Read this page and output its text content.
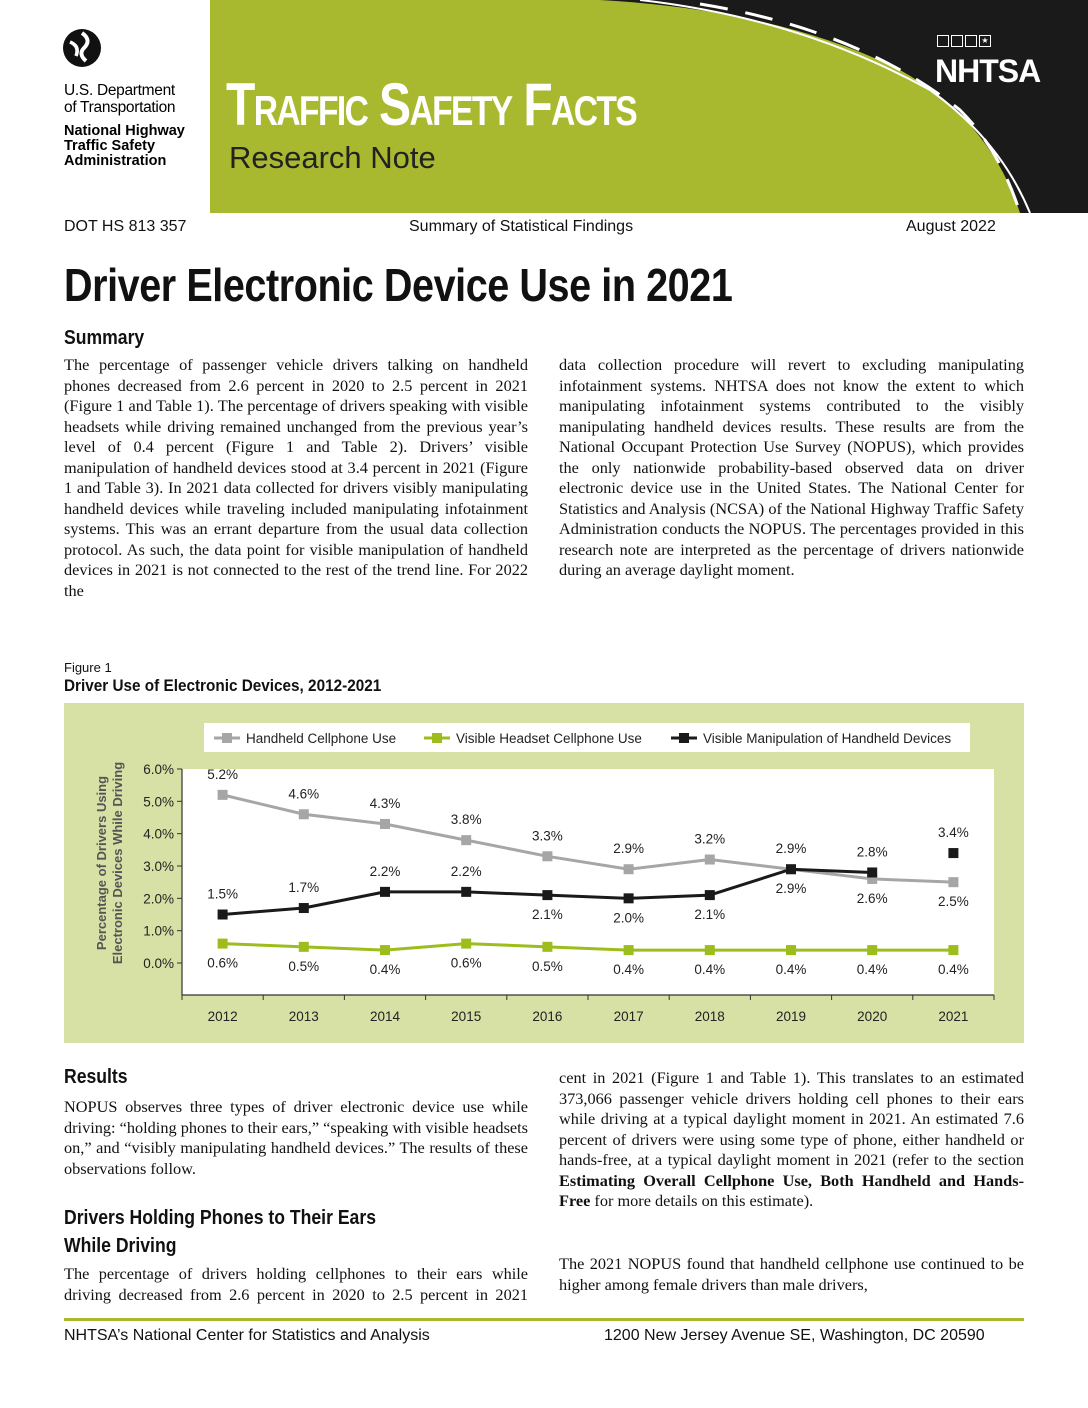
U.S. Department
of Transportation
National Highway
Traffic Safety
Administration
Traffic Safety Facts
Research Note
★
NHTSA
DOT HS 813 357	Summary of Statistical Findings	August 2022
Driver Electronic Device Use in 2021
Summary

The percentage of passenger vehicle drivers talking on handheld phones decreased from 2.6 percent in 2020 to 2.5 percent in 2021 (Figure 1 and Table 1). The percentage of drivers speaking with visible headsets while driving remained unchanged from the previous year’s level of 0.4 percent (Figure 1 and Table 2). Drivers’ visible manipulation of handheld devices stood at 3.4 percent in 2021 (Figure 1 and Table 3). In 2021 data collected for drivers visibly manipulating handheld devices while traveling included manipulating infotainment systems. This was an errant departure from the usual data collection protocol. As such, the data point for visible manipulation of handheld devices in 2021 is not connected to the rest of the trend line. For 2022 the

data collection procedure will revert to excluding manipulating infotainment systems. NHTSA does not know the extent to which manipulating infotainment systems contributed to the visibly manipulating handheld devices results. These results are from the National Occupant Protection Use Survey (NOPUS), which provides the only nationwide probability-based observed data on driver electronic device use in the United States. The National Center for Statistics and Analysis (NCSA) of the National Highway Traffic Safety Administration conducts the NOPUS. The percentages provided in this research note are interpreted as the percentage of drivers nationwide during an average daylight moment.

Figure 1
Driver Use of Electronic Devices, 2012-2021
Handheld Cellphone Use	Visible Headset Cellphone Use	Visible Manipulation of Handheld Devices
0.0%
1.0%
2.0%
3.0%
4.0%
5.0%
6.0%
2012	2013	2014	2015	2016	2017	2018	2019	2020	2021
5.2%
4.6%
4.3%
3.8%
3.3%
2.9%
3.2%
2.9%
2.6%	2.5%
0.6%	0.5%	0.4%	0.6%	0.5%	0.4%	0.4%	0.4%	0.4%	0.4%
1.5%	1.7%
2.2%	2.2%
2.1%	2.0%	2.1%
2.9%
2.8%
3.4%
Percentage of Drivers Using Electronic Devices While Driving
Results

NOPUS observes three types of driver electronic device use while driving: “holding phones to their ears,” “speaking with visible headsets on,” and “visibly manipulating handheld devices.” The results of these observations follow.

Drivers Holding Phones to Their Ears
While Driving

The percentage of drivers holding cellphones to their ears while driving decreased from 2.6 percent in 2020 to 2.5 percent in 2021

cent in 2021 (Figure 1 and Table 1). This translates to an estimated 373,066 passenger vehicle drivers holding cell phones to their ears while driving at a typical daylight moment in 2021. An estimated 7.6 percent of drivers were using some type of phone, either handheld or hands-free, at a typical daylight moment in 2021 (refer to the section Estimating Overall Cellphone Use, Both Handheld and Hands-Free for more details on this estimate).

The 2021 NOPUS found that handheld cellphone use continued to be higher among female drivers than male drivers,

NHTSA’s National Center for Statistics and Analysis	1200 New Jersey Avenue SE, Washington, DC 20590
